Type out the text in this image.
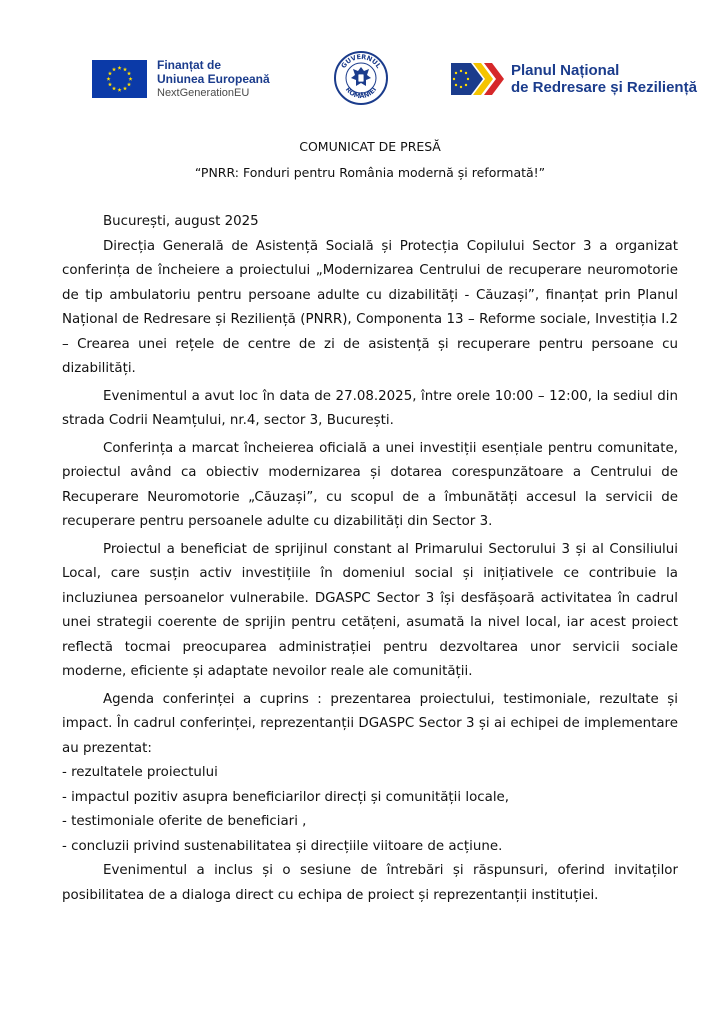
Finanțat de
Uniunea Europeană
NextGenerationEU
GUVERNUL
ROMÂNIEI
Planul Național
de Redresare și Reziliență
COMUNICAT DE PRESĂ
“PNRR: Fonduri pentru România modernă și reformată!”

București, august 2025

Direcția Generală de Asistență Socială și Protecția Copilului Sector 3 a organizat conferința de încheiere a proiectului „Modernizarea Centrului de recuperare neuromotorie de tip ambulatoriu pentru persoane adulte cu dizabilități - Căuzași”, finanțat prin Planul Național de Redresare și Reziliență (PNRR), Componenta 13 – Reforme sociale, Investiția I.2 – Crearea unei rețele de centre de zi de asistență și recuperare pentru persoane cu dizabilități.

Evenimentul a avut loc în data de 27.08.2025, între orele 10:00 – 12:00, la sediul din strada Codrii Neamțului, nr.4, sector 3, București.

Conferința a marcat încheierea oficială a unei investiții esențiale pentru comunitate, proiectul având ca obiectiv modernizarea și dotarea corespunzătoare a Centrului de Recuperare Neuromotorie „Căuzași”, cu scopul de a îmbunătăți accesul la servicii de recuperare pentru persoanele adulte cu dizabilități din Sector 3.

Proiectul a beneficiat de sprijinul constant al Primarului Sectorului 3 și al Consiliului Local, care susțin activ investițiile în domeniul social și inițiativele ce contribuie la incluziunea persoanelor vulnerabile. DGASPC Sector 3 își desfășoară activitatea în cadrul unei strategii coerente de sprijin pentru cetățeni, asumată la nivel local, iar acest proiect reflectă tocmai preocuparea administrației pentru dezvoltarea unor servicii sociale moderne, eficiente și adaptate nevoilor reale ale comunității.

Agenda conferinței a cuprins : prezentarea proiectului, testimoniale, rezultate și impact. În cadrul conferinței, reprezentanții DGASPC Sector 3 și ai echipei de implementare au prezentat:

- rezultatele proiectului

- impactul pozitiv asupra beneficiarilor direcți și comunității locale,

- testimoniale oferite de beneficiari ,

- concluzii privind sustenabilitatea și direcțiile viitoare de acțiune.

Evenimentul a inclus și o sesiune de întrebări și răspunsuri, oferind invitaților posibilitatea de a dialoga direct cu echipa de proiect și reprezentanții instituției.
